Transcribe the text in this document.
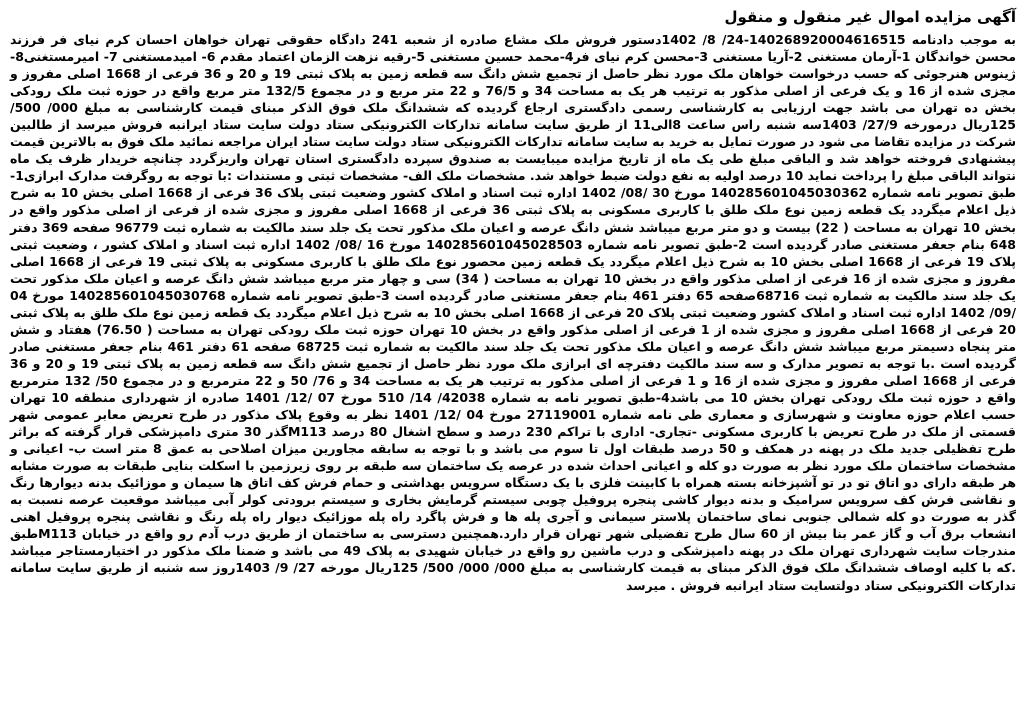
آگهی مزایده اموال غیر منقول و منقول

به موجب دادنامه 140268920004616515-24/ 8/ 1402دستور فروش ملک مشاع صادره از شعبه 241 دادگاه حقوقی تهران خواهان احسان کرم نیای فر فرزند محسن خواندگان 1-آرمان مستغنی 2-آریا مستغنی 3-محسن کرم نیای فر4-محمد حسین مستغنی 5-رقیه نزهت الزمان اعتماد مقدم 6- امیدمستغنی 7- امیرمستغنی8-ژینوس هنرجوئی که حسب درخواست خواهان ملک مورد نظر حاصل از تجمیع شش دانگ سه قطعه زمین به پلاک ثبتی 19 و 20 و 36 فرعی از 1668 اصلی مفروز و مجزی شده از 16 و یک فرعی از اصلی مذکور به ترتیب هر یک به مساحت 34 و 76/5 و 22 متر مربع و در مجموع 132/5 متر مربع واقع در حوزه ثبت ملک رودکی بخش ده تهران می باشد جهت ارزیابی به کارشناسی رسمی دادگستری ارجاع گردیده که ششدانگ ملک فوق الذکر مبنای قیمت کارشناسی به مبلغ 000/ 500/ 125ریال درمورخه 27/9/ 1403سه شنبه راس ساعت 8الی11 از طریق سایت سامانه تدارکات الکترونیکی ستاد دولت سایت ستاد ایرانبه فروش میرسد از طالبین شرکت در مزایده تقاضا می شود در صورت تمایل به خرید به سایت سامانه تدارکات الکترونیکی ستاد دولت سایت ستاد ایران مراجعه نمائید ملک فوق به بالاترین قیمت پیشنهادی فروخته خواهد شد و الباقی مبلغ طی یک ماه از تاریخ مزایده میبایست به صندوق سپرده دادگستری استان تهران واریزگردد چنانچه خریدار ظرف یک ماه نتواند الباقی مبلغ را پرداخت نماید 10 درصد اولیه به نفع دولت ضبط خواهد شد. مشخصات ملک الف- مشخصات ثبتی و مستندات :با توجه به روگرفت مدارک ابرازی1-طبق تصویر نامه شماره 140285601045030362 مورخ 30 /08/ 1402 اداره ثبت اسناد و املاک کشور وضعیت ثبتی پلاک 36 فرعی از 1668 اصلی بخش 10 به شرح ذیل اعلام میگردد یک قطعه زمین نوع ملک طلق با کاربری مسکونی به پلاک ثبتی 36 فرعی از 1668 اصلی مفروز و مجزی شده از فرعی از اصلی مذکور واقع در بخش 10 تهران به مساحت ( 22) بیست و دو متر مربع میباشد شش دانگ عرصه و اعیان ملک مذکور تحت یک جلد سند مالکیت به شماره ثبت 96779 صفحه 369 دفتر 648 بنام جعفر مستغنی صادر گردیده است 2-طبق تصویر نامه شماره 140285601045028503 مورخ 16 /08/ 1402 اداره ثبت اسناد و املاک کشور ، وضعیت ثبتی پلاک 19 فرعی از 1668 اصلی بخش 10 به شرح ذیل اعلام میگردد یک قطعه زمین محصور نوع ملک طلق با کاربری مسکونی به پلاک ثبتی 19 فرعی از 1668 اصلی مفروز و مجزی شده از 16 فرعی از اصلی مذکور واقع در بخش 10 تهران به مساحت ( 34) سی و چهار متر مربع میباشد شش دانگ عرصه و اعیان ملک مذکور تحت یک جلد سند مالکیت به شماره ثبت 68716صفحه 65 دفتر 461 بنام جعفر مستغنی صادر گردیده است 3-طبق تصویر نامه شماره 140285601045030768 مورخ 04 /09/ 1402 اداره ثبت اسناد و املاک کشور وضعیت ثبتی پلاک 20 فرعی از 1668 اصلی بخش 10 به شرح ذیل اعلام میگردد یک قطعه زمین نوع ملک طلق به پلاک ثبتی 20 فرعی از 1668 اصلی مفروز و مجزی شده از 1 فرعی از اصلی مذکور واقع در بخش 10 تهران حوزه ثبت ملک رودکی تهران به مساحت ( 76.50) هفتاد و شش متر پنجاه دسیمتر مربع میباشد شش دانگ عرصه و اعیان ملک مذکور تحت یک جلد سند مالکیت به شماره ثبت 68725 صفحه 61 دفتر 461 بنام جعفر مستغنی صادر گردیده است .با توجه به تصویر مدارک و سه سند مالکیت دفترچه ای ابرازی ملک مورد نظر حاصل از تجمیع شش دانگ سه قطعه زمین به پلاک ثبتی 19 و 20 و 36 فرعی از 1668 اصلی مفروز و مجزی شده از 16 و 1 فرعی از اصلی مذکور به ترتیب هر یک به مساحت 34 و 76/ 50 و 22 مترمربع و در مجموع 50/ 132 مترمربع واقع د حوزه ثبت ملک رودکی تهران بخش 10 می باشد4-طبق تصویر نامه به شماره 42038/ 14/ 510 مورخ 07 /12/ 1401 صادره از شهرداری منطقه 10 تهران حسب اعلام حوزه معاونت و شهرسازی و معماری طی نامه شماره 27119001 مورخ 04 /12/ 1401 نظر به وقوع پلاک مذکور در طرح تعریض معابر عمومی شهر قسمتی از ملک در طرح تعریض با کاربری مسکونی -تجاری- اداری با تراکم 230 درصد و سطح اشغال 80 درصد M113گذر 30 متری دامپزشکی قرار گرفته که براثر طرح تفظیلی جدید ملک در پهنه در همکف و 50 درصد طبقات اول تا سوم می باشد و با توجه به سابقه مجاورین میزان اصلاحی به عمق 8 متر است ب- اعیانی و مشخصات ساختمان ملک مورد نظر به صورت دو کله و اعیانی احداث شده در عرصه یک ساختمان سه طبقه بر روی زیرزمین با اسکلت بنایی طبقات به صورت مشابه هر طبقه دارای دو اتاق تو در تو آشپزخانه بسته همراه با کابینت فلزی با یک دستگاه سرویس بهداشتی و حمام فرش کف اتاق ها سیمان و موزائیک بدنه دیوارها رنگ و نقاشی فرش کف سرویس سرامیک و بدنه دیوار کاشی پنجره پروفیل چوبی سیستم گرمایش بخاری و سیستم برودتی کولر آبی میباشد موقعیت عرصه نسبت به گذر به صورت دو کله شمالی جنوبی نمای ساختمان پلاستر سیمانی و آجری پله ها و فرش پاگرد راه پله موزائیک دیوار راه پله رنگ و نقاشی پنجره پروفیل اهنی انشعاب برق آب و گاز عمر بنا بیش از 60 سال طرح تفضیلی شهر تهران قرار دارد.همچنین دسترسی به ساختمان از طریق درب آدم رو واقع در خیابان M113طبق مندرجات سایت شهرداری تهران ملک در پهنه دامپزشکی و درب ماشین رو واقع در خیابان شهیدی به پلاک 49 می باشد و ضمنا ملک مذکور در اختیارمستاجر میباشد .که با کلیه اوصاف ششدانگ ملک فوق الذکر مبنای به قیمت کارشناسی به مبلغ 000/ 000/ 500/ 125ریال مورخه 27/ 9/ 1403روز سه شنبه از طریق سایت سامانه تدارکات الکترونیکی ستاد دولتسایت ستاد ایرانبه فروش . میرسد
